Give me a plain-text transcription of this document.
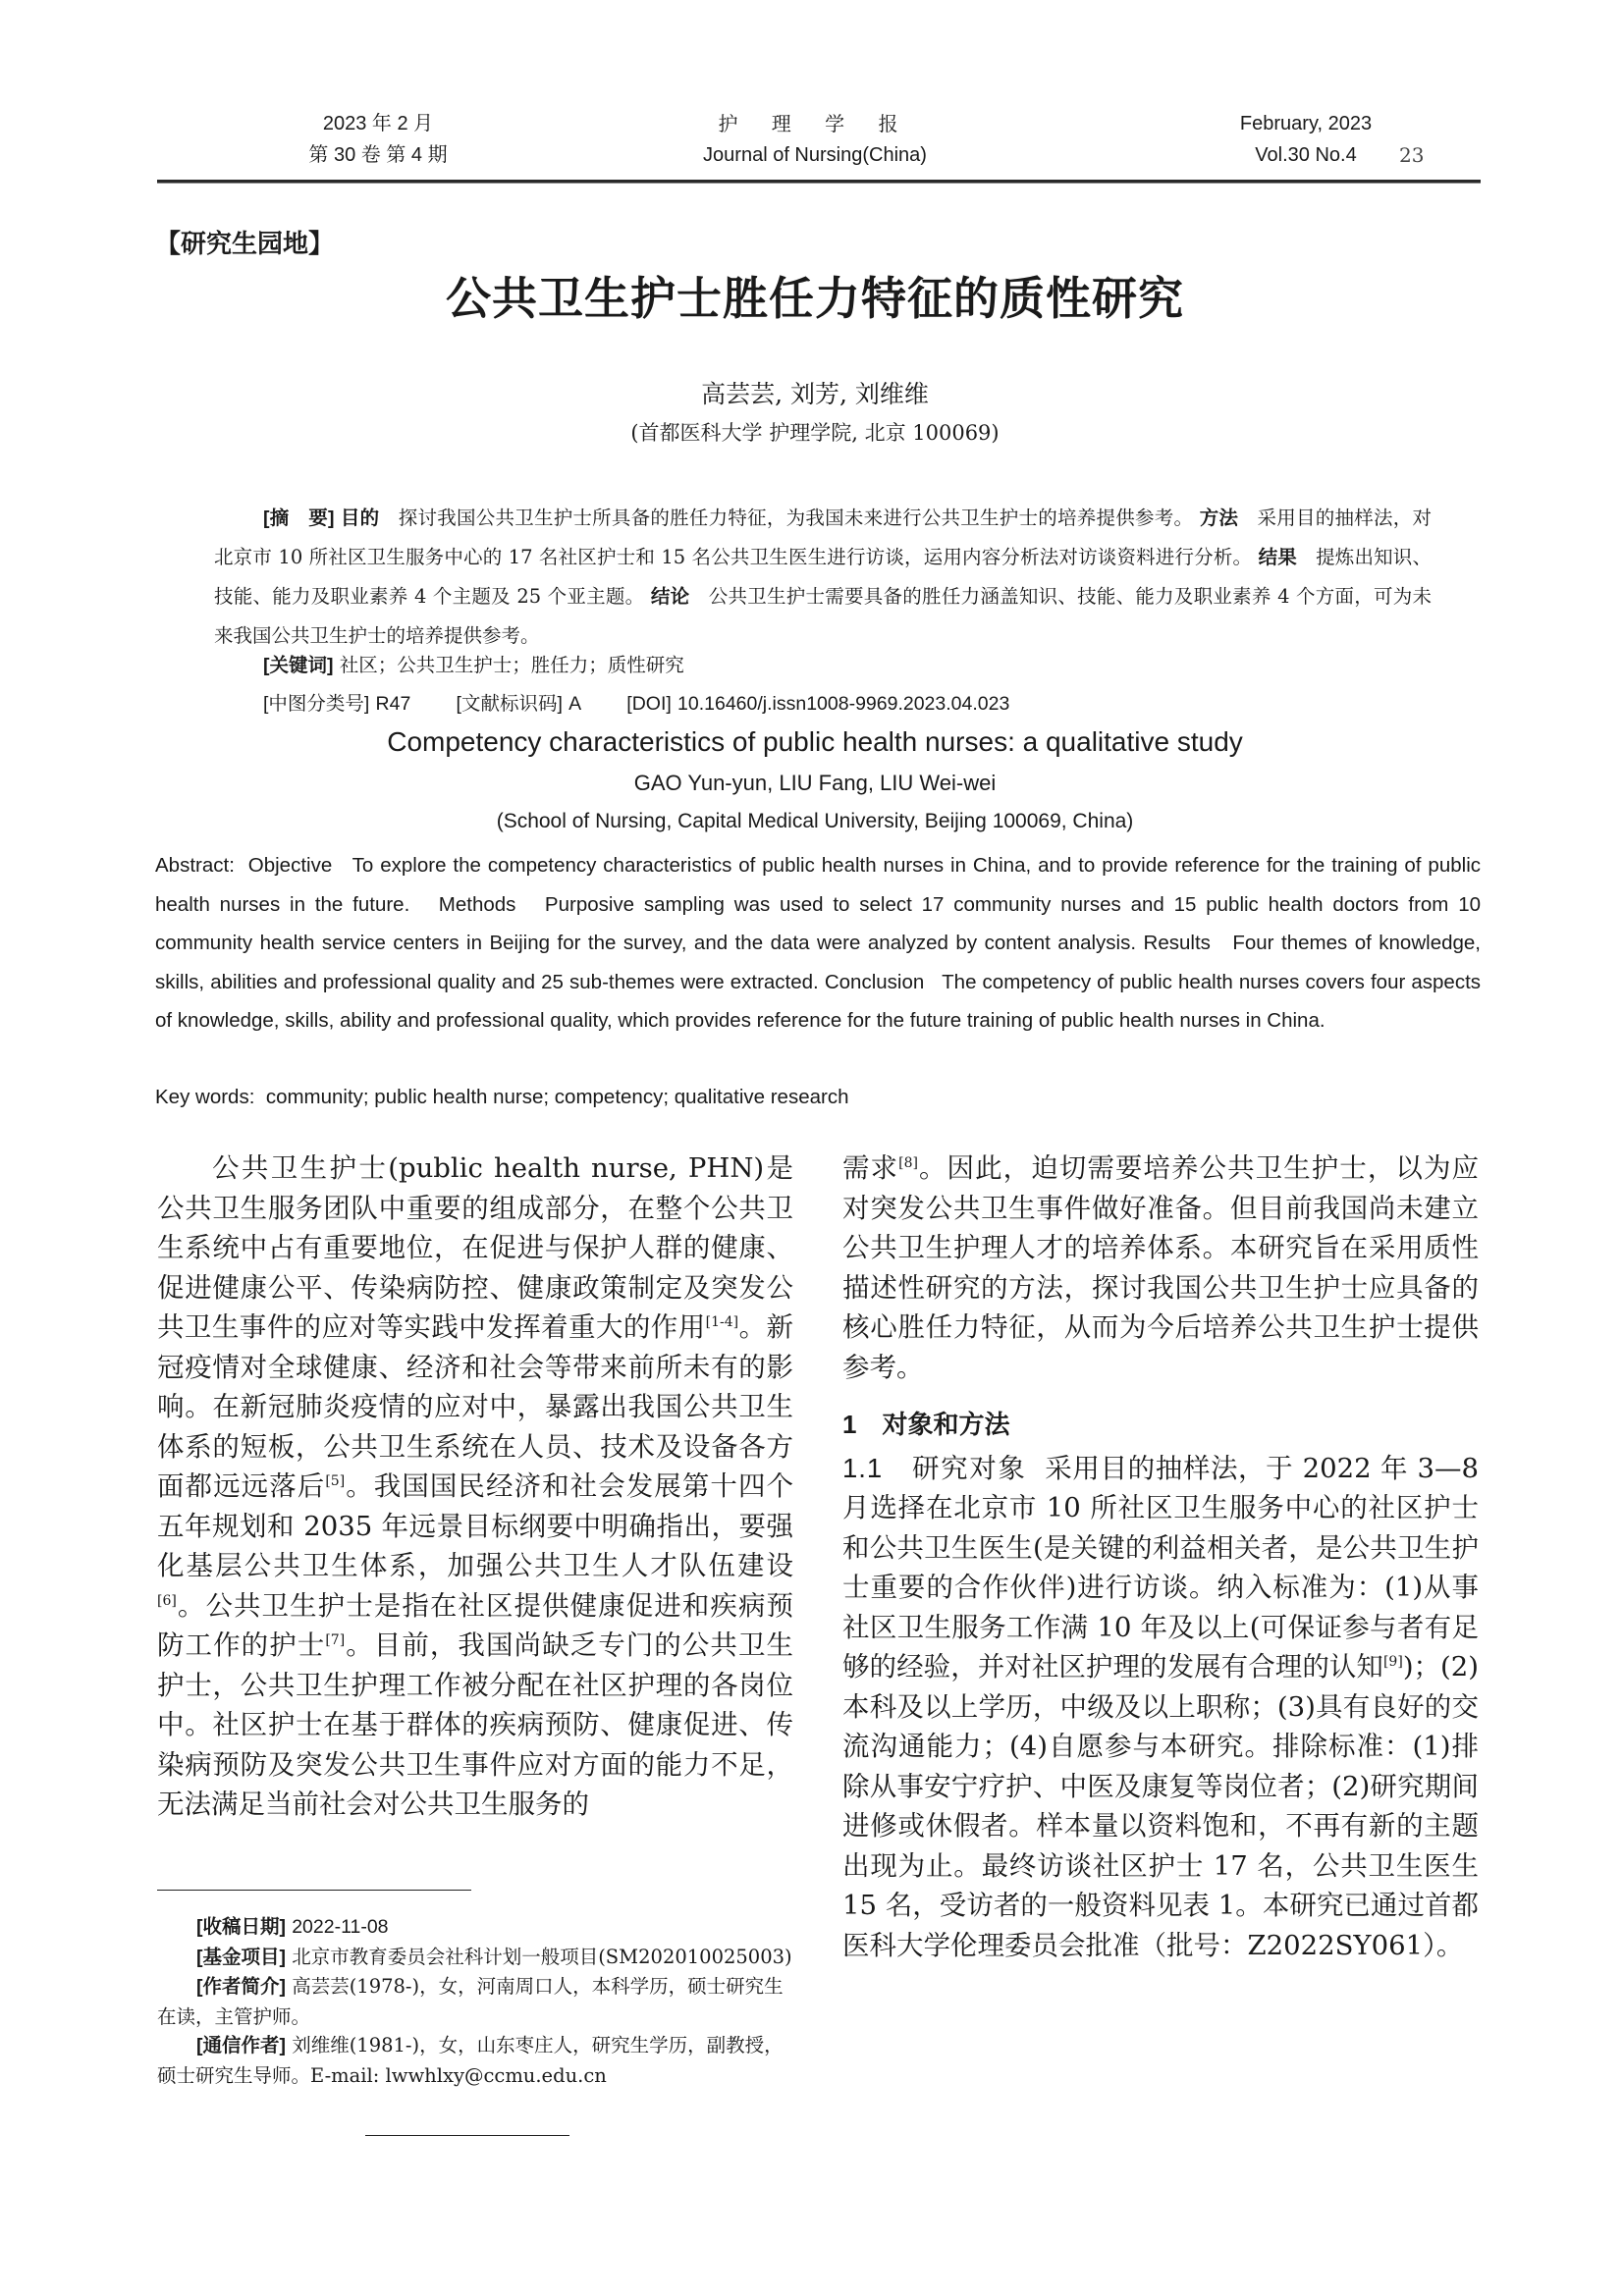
2023 年 2 月
第 30 卷 第 4 期
护 理 学 报
Journal of Nursing(China)
February, 2023
Vol.30 No.4	23
【研究生园地】
公共卫生护士胜任力特征的质性研究
高芸芸, 刘芳, 刘维维
(首都医科大学 护理学院, 北京 100069)

[摘　要] 目的 探讨我国公共卫生护士所具备的胜任力特征，为我国未来进行公共卫生护士的培养提供参考。 方法 采用目的抽样法，对北京市 10 所社区卫生服务中心的 17 名社区护士和 15 名公共卫生医生进行访谈，运用内容分析法对访谈资料进行分析。 结果 提炼出知识、技能、能力及职业素养 4 个主题及 25 个亚主题。 结论 公共卫生护士需要具备的胜任力涵盖知识、技能、能力及职业素养 4 个方面，可为未来我国公共卫生护士的培养提供参考。

[关键词] 社区；公共卫生护士；胜任力；质性研究
[中图分类号] R47 [文献标识码] A [DOI] 10.16460/j.issn1008-9969.2023.04.023
Competency characteristics of public health nurses: a qualitative study
GAO Yun-yun, LIU Fang, LIU Wei-wei
(School of Nursing, Capital Medical University, Beijing 100069, China)
Abstract: Objective To explore the competency characteristics of public health nurses in China, and to provide reference for the training of public health nurses in the future. Methods Purposive sampling was used to select 17 community nurses and 15 public health doctors from 10 community health service centers in Beijing for the survey, and the data were analyzed by content analysis. Results Four themes of knowledge, skills, abilities and professional quality and 25 sub-themes were extracted. Conclusion The competency of public health nurses covers four aspects of knowledge, skills, ability and professional quality, which provides reference for the future training of public health nurses in China.
Key words: community; public health nurse; competency; qualitative research

公共卫生护士(public health nurse, PHN)是公共卫生服务团队中重要的组成部分，在整个公共卫生系统中占有重要地位，在促进与保护人群的健康、促进健康公平、传染病防控、健康政策制定及突发公共卫生事件的应对等实践中发挥着重大的作用[1-4]。新冠疫情对全球健康、经济和社会等带来前所未有的影响。在新冠肺炎疫情的应对中，暴露出我国公共卫生体系的短板，公共卫生系统在人员、技术及设备各方面都远远落后[5]。我国国民经济和社会发展第十四个五年规划和 2035 年远景目标纲要中明确指出，要强化基层公共卫生体系，加强公共卫生人才队伍建设[6]。公共卫生护士是指在社区提供健康促进和疾病预防工作的护士[7]。目前，我国尚缺乏专门的公共卫生护士，公共卫生护理工作被分配在社区护理的各岗位中。社区护士在基于群体的疾病预防、健康促进、传染病预防及突发公共卫生事件应对方面的能力不足，无法满足当前社会对公共卫生服务的

需求[8]。因此，迫切需要培养公共卫生护士，以为应对突发公共卫生事件做好准备。但目前我国尚未建立公共卫生护理人才的培养体系。本研究旨在采用质性描述性研究的方法，探讨我国公共卫生护士应具备的核心胜任力特征，从而为今后培养公共卫生护士提供参考。

1　对象和方法

1.1　研究对象 采用目的抽样法，于 2022 年 3—8 月选择在北京市 10 所社区卫生服务中心的社区护士和公共卫生医生(是关键的利益相关者，是公共卫生护士重要的合作伙伴)进行访谈。纳入标准为：(1)从事社区卫生服务工作满 10 年及以上(可保证参与者有足够的经验，并对社区护理的发展有合理的认知[9])；(2)本科及以上学历，中级及以上职称；(3)具有良好的交流沟通能力；(4)自愿参与本研究。排除标准：(1)排除从事安宁疗护、中医及康复等岗位者；(2)研究期间进修或休假者。样本量以资料饱和，不再有新的主题出现为止。最终访谈社区护士 17 名，公共卫生医生 15 名，受访者的一般资料见表 1。本研究已通过首都医科大学伦理委员会批准（批号：Z2022SY061）。

[收稿日期] 2022-11-08

[基金项目] 北京市教育委员会社科计划一般项目(SM202010025003)

[作者简介] 高芸芸(1978-)，女，河南周口人，本科学历，硕士研究生在读，主管护师。

[通信作者] 刘维维(1981-)，女，山东枣庄人，研究生学历，副教授，硕士研究生导师。E-mail: lwwhlxy@ccmu.edu.cn
